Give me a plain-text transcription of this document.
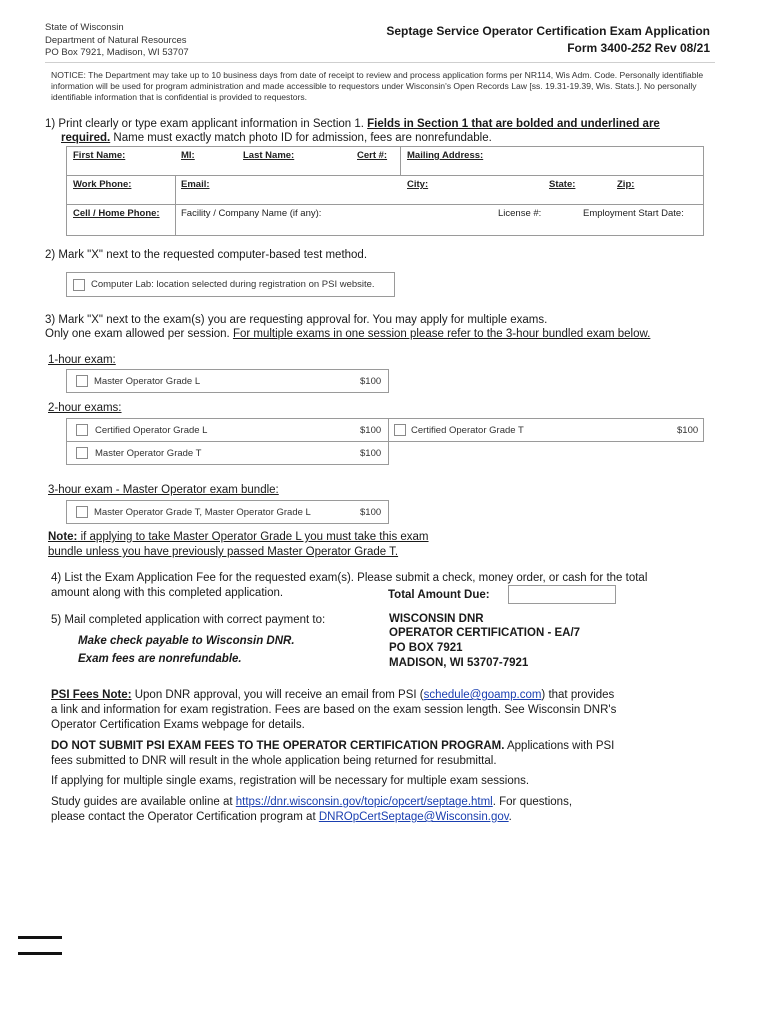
State of Wisconsin
Department of Natural Resources
PO Box 7921, Madison, WI 53707
Septage Service Operator Certification Exam Application
Form 3400-252 Rev 08/21
NOTICE: The Department may take up to 10 business days from date of receipt to review and process application forms per NR114, Wis Adm. Code. Personally identifiable information will be used for program administration and made accessible to requestors under Wisconsin's Open Records Law [ss. 19.31-19.39, Wis. Stats.]. No personally identifiable information that is confidential is provided to requestors.
1) Print clearly or type exam applicant information in Section 1. Fields in Section 1 that are bolded and underlined are
required. Name must exactly match photo ID for admission, fees are nonrefundable.
First Name:	MI:	Last Name:	Cert #: Mailing Address:
Work Phone:	Email:	City:	State:	Zip:
Cell / Home Phone: Facility / Company Name (if any):	License #:	Employment Start Date:
2) Mark "X" next to the requested computer-based test method.
Computer Lab: location selected during registration on PSI website.
3) Mark "X" next to the exam(s) you are requesting approval for. You may apply for multiple exams.
Only one exam allowed per session. For multiple exams in one session please refer to the 3-hour bundled exam below.
1-hour exam:
Master Operator Grade L	$100
2-hour exams:
Certified Operator Grade L	$100
Master Operator Grade T	$100
Certified Operator Grade T	$100
3-hour exam - Master Operator exam bundle:
Master Operator Grade T, Master Operator Grade L	$100
Note: if applying to take Master Operator Grade L you must take this exam
bundle unless you have previously passed Master Operator Grade T.
4) List the Exam Application Fee for the requested exam(s). Please submit a check, money order, or cash for the total
amount along with this completed application.	Total Amount Due:
5) Mail completed application with correct payment to:
Make check payable to Wisconsin DNR.
Exam fees are nonrefundable.
WISCONSIN DNR
OPERATOR CERTIFICATION - EA/7
PO BOX 7921
MADISON, WI 53707-7921
PSI Fees Note: Upon DNR approval, you will receive an email from PSI (schedule@goamp.com) that provides
a link and information for exam registration. Fees are based on the exam session length. See Wisconsin DNR's
Operator Certification Exams webpage for details.
DO NOT SUBMIT PSI EXAM FEES TO THE OPERATOR CERTIFICATION PROGRAM. Applications with PSI
fees submitted to DNR will result in the whole application being returned for resubmittal.
If applying for multiple single exams, registration will be necessary for multiple exam sessions.
Study guides are available online at https://dnr.wisconsin.gov/topic/opcert/septage.html. For questions,
please contact the Operator Certification program at DNROpCertSeptage@Wisconsin.gov.
